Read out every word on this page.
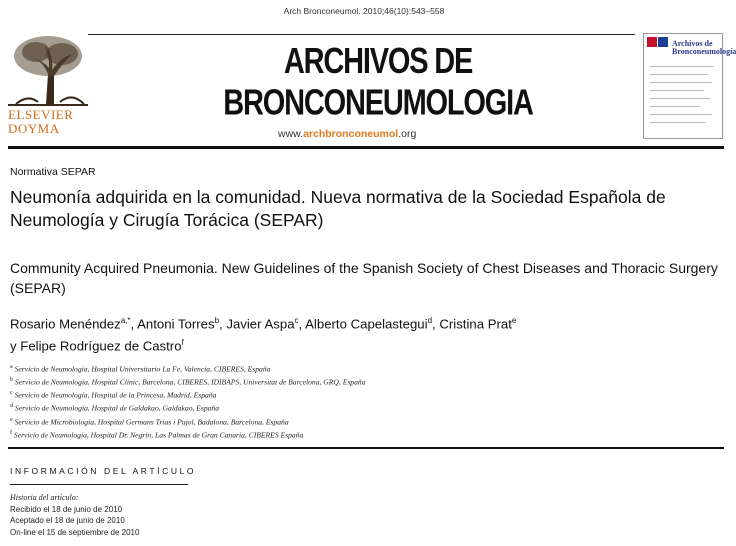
Arch Bronconeumol. 2010;46(10):543–558
ELSEVIER
DOYMA
ARCHIVOS DE BRONCONEUMOLOGIA
www.archbronconeumol.org
Archivos de
Bronconeumología
Normativa SEPAR
Neumonía adquirida en la comunidad. Nueva normativa de la Sociedad Española de Neumología y Cirugía Torácica (SEPAR)
Community Acquired Pneumonia. New Guidelines of the Spanish Society of Chest Diseases and Thoracic Surgery (SEPAR)
Rosario Menéndez$^{a,*}$, Antoni Torres$^b$, Javier Aspa$^c$, Alberto Capelastegui$^d$, Cristina Prat$^e$
y Felipe Rodríguez de Castro$^f$
$^a$ Servicio de Neumología, Hospital Universitario La Fe, Valencia, CIBERES, España
$^b$ Servicio de Neumología, Hospital Clínic, Barcelona, CIBERES, IDIBAPS, Universitat de Barcelona, GRQ, España
$^c$ Servicio de Neumología, Hospital de la Princesa, Madrid, España
$^d$ Servicio de Neumología, Hospital de Galdakao, Galdakao, España
$^e$ Servicio de Microbiología, Hospital Germans Trias i Pujol, Badalona, Barcelona, España
$^f$ Servicio de Neumología, Hospital Dr. Negrín, Las Palmas de Gran Canaria, CIBERES España
INFORMACIÓN DEL ARTÍCULO
Historia del artículo:
Recibido el 18 de junio de 2010
Aceptado el 18 de junio de 2010
On-line el 15 de septiembre de 2010
